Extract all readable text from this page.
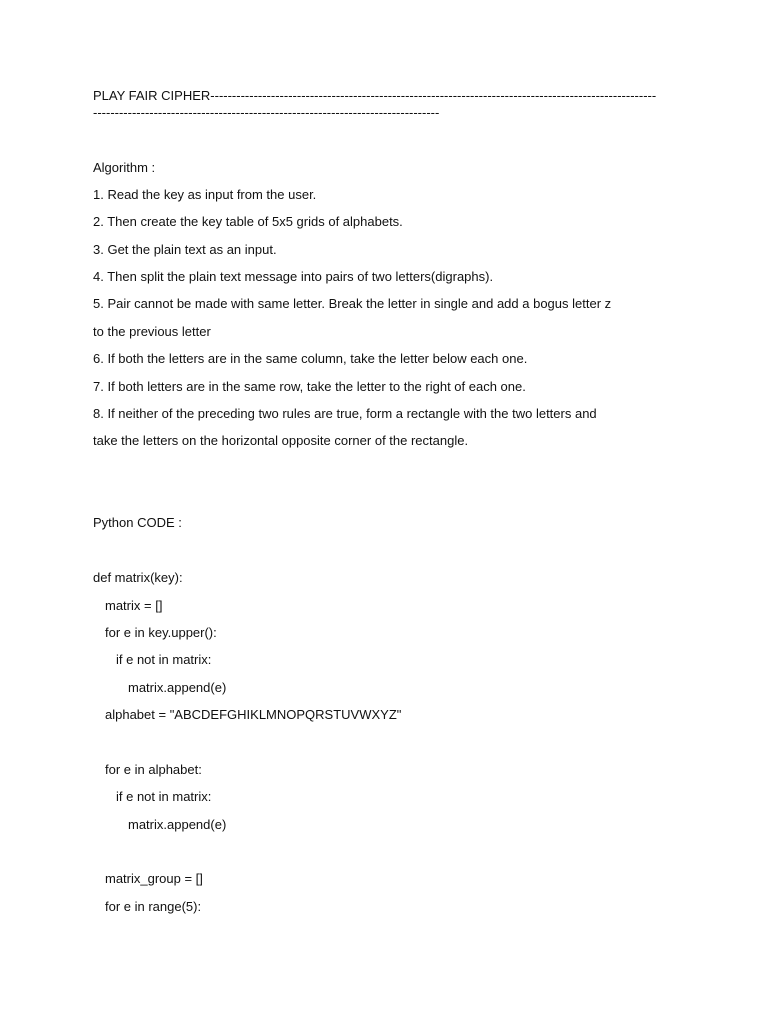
PLAY FAIR CIPHER-------------------------------------------------------------------------------------------------------
--------------------------------------------------------------------------------
Algorithm :
1. Read the key as input from the user.
2. Then create the key table of 5x5 grids of alphabets.
3. Get the plain text as an input.
4. Then split the plain text message into pairs of two letters(digraphs).
5. Pair cannot be made with same letter. Break the letter in single and add a bogus letter z
to the previous letter
6. If both the letters are in the same column, take the letter below each one.
7. If both letters are in the same row, take the letter to the right of each one.
8. If neither of the preceding two rules are true, form a rectangle with the two letters and
take the letters on the horizontal opposite corner of the rectangle.
Python CODE :
def matrix(key):
matrix = []
for e in key.upper():
if e not in matrix:
matrix.append(e)
alphabet = "ABCDEFGHIKLMNOPQRSTUVWXYZ"
for e in alphabet:
if e not in matrix:
matrix.append(e)
matrix_group = []
for e in range(5):
